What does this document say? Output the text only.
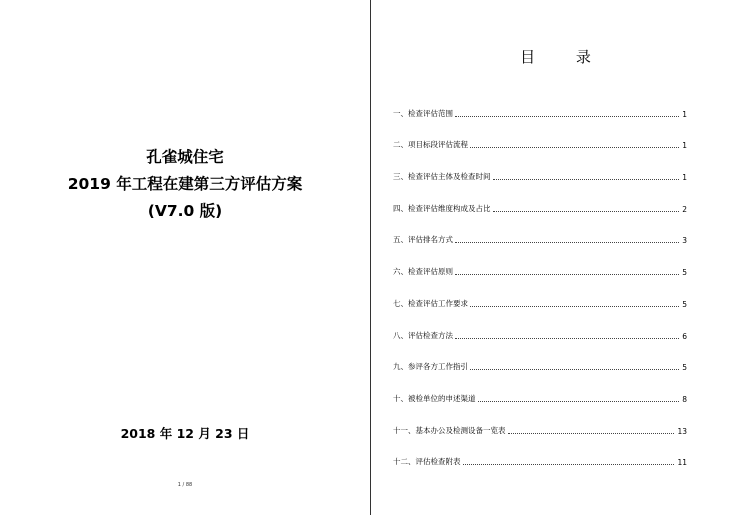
孔雀城住宅
2019 年工程在建第三方评估方案
(V7.0 版)
2018 年 12 月 23 日
1 / 88
目 录
一、检查评估范围	1
二、项目标段评估流程	1
三、检查评估主体及检查时间	1
四、检查评估维度构成及占比	2
五、评估排名方式	3
六、检查评估原则	5
七、检查评估工作要求	5
八、评估检查方法	6
九、参评各方工作指引	5
十、被检单位的申述渠道	8
十一、基本办公及检测设备一览表	13
十二、评估检查附表	11
